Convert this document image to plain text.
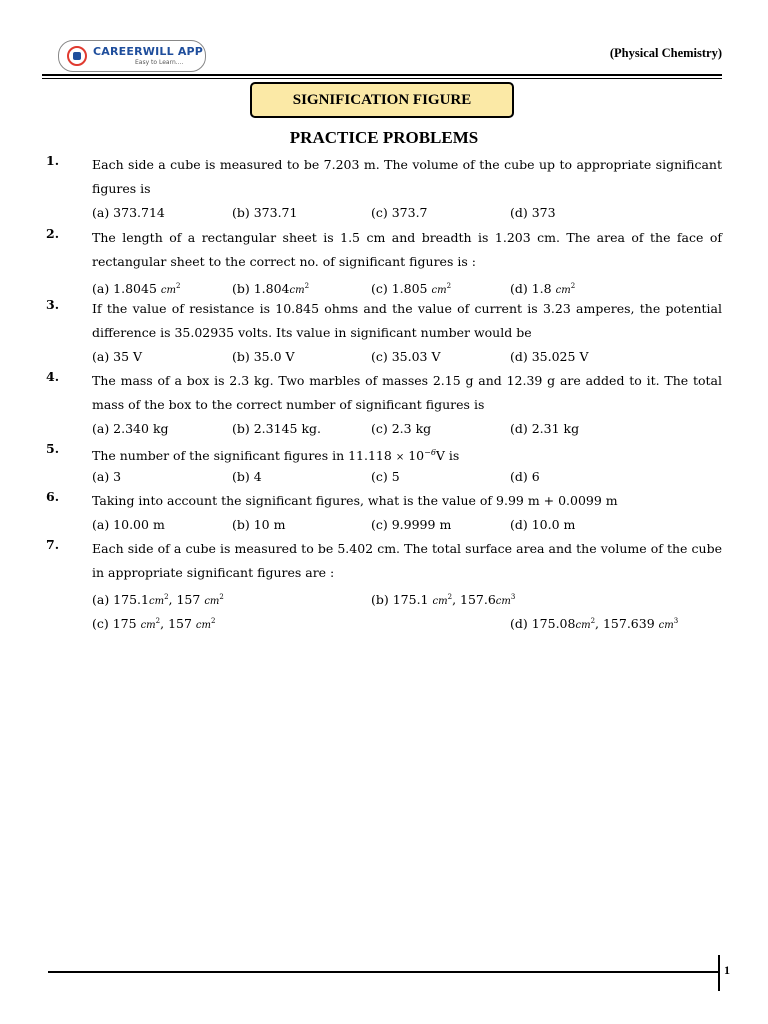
CAREERWILL APP
Easy to Learn....
(Physical Chemistry)
SIGNIFICATION FIGURE
PRACTICE PROBLEMS
1.	Each side a cube is measured to be 7.203 m. The volume of the cube up to appropriate significant figures is
(a) 373.714	(b) 373.71	(c) 373.7	(d) 373
2.	The length of a rectangular sheet is 1.5 cm and breadth is 1.203 cm. The area of the face of rectangular sheet to the correct no. of significant figures is :
(a) 1.8045 $cm^2$	(b) $1.804cm^2$	(c) 1.805 $cm^2$	(d) 1.8 $cm^2$
3.	If the value of resistance is 10.845 ohms and the value of current is 3.23 amperes, the potential difference is 35.02935 volts. Its value in significant number would be
(a) 35 V	(b) 35.0 V	(c) 35.03 V	(d) 35.025 V
4.	The mass of a box is 2.3 kg. Two marbles of masses 2.15 g and 12.39 g are added to it. The total mass of the box to the correct number of significant figures is
(a) 2.340 kg	(b) 2.3145 kg.	(c) 2.3 kg	(d) 2.31 kg
5.	The number of the significant figures in $11.118 \times 10^{-6}V$ is
(a) 3	(b) 4	(c) 5	(d) 6
6.	Taking into account the significant figures, what is the value of 9.99 m + 0.0099 m
(a) 10.00 m	(b) 10 m	(c) 9.9999 m	(d) 10.0 m
7.	Each side of a cube is measured to be 5.402 cm. The total surface area and the volume of the cube in appropriate significant figures are :
(a) $175.1cm^2$, 157 $cm^2$	(b) 175.1 $cm^2$, $157.6cm^3$
(c) 175 $cm^2$, 157 $cm^2$	(d) $175.08cm^2$, 157.639 $cm^3$
1
